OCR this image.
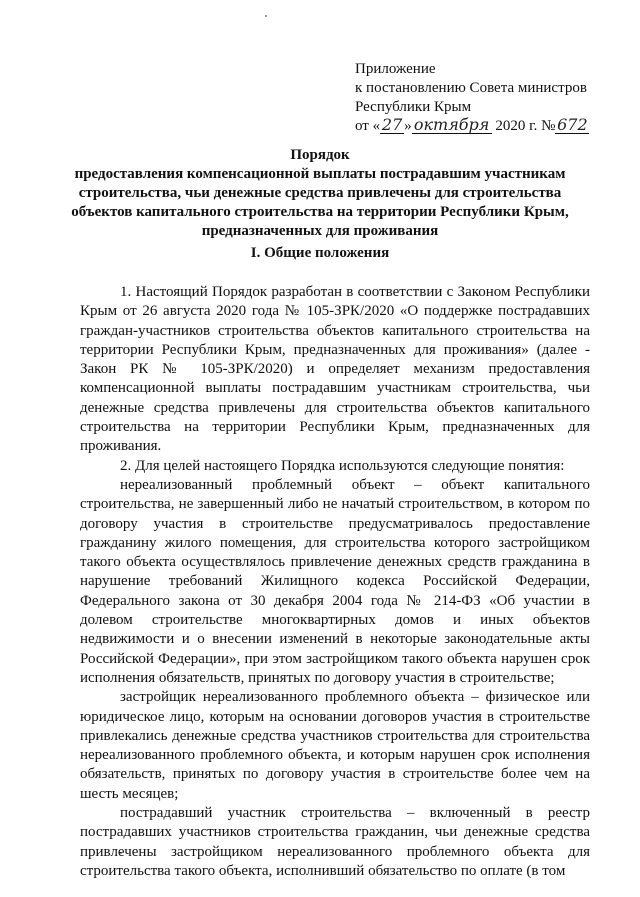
Приложение
к постановлению Совета министров
Республики Крым
от « 27 » октября 2020 г. № 672
Порядок
предоставления компенсационной выплаты пострадавшим участникам
строительства, чьи денежные средства привлечены для строительства
объектов капитального строительства на территории Республики Крым,
предназначенных для проживания
I. Общие положения

1. Настоящий Порядок разработан в соответствии с Законом Республики Крым от 26 августа 2020 года № 105-ЗРК/2020 «О поддержке пострадавших граждан-участников строительства объектов капитального строительства на территории Республики Крым, предназначенных для проживания» (далее - Закон РК № 105-ЗРК/2020) и определяет механизм предоставления компенсационной выплаты пострадавшим участникам строительства, чьи денежные средства привлечены для строительства объектов капитального строительства на территории Республики Крым, предназначенных для проживания.

2. Для целей настоящего Порядка используются следующие понятия:

нереализованный проблемный объект – объект капитального строительства, не завершенный либо не начатый строительством, в котором по договору участия в строительстве предусматривалось предоставление гражданину жилого помещения, для строительства которого застройщиком такого объекта осуществлялось привлечение денежных средств гражданина в нарушение требований Жилищного кодекса Российской Федерации, Федерального закона от 30 декабря 2004 года № 214-ФЗ «Об участии в долевом строительстве многоквартирных домов и иных объектов недвижимости и о внесении изменений в некоторые законодательные акты Российской Федерации», при этом застройщиком такого объекта нарушен срок исполнения обязательств, принятых по договору участия в строительстве;

застройщик нереализованного проблемного объекта – физическое или юридическое лицо, которым на основании договоров участия в строительстве привлекались денежные средства участников строительства для строительства нереализованного проблемного объекта, и которым нарушен срок исполнения обязательств, принятых по договору участия в строительстве более чем на шесть месяцев;

пострадавший участник строительства – включенный в реестр пострадавших участников строительства гражданин, чьи денежные средства привлечены застройщиком нереализованного проблемного объекта для строительства такого объекта, исполнивший обязательство по оплате (в том
